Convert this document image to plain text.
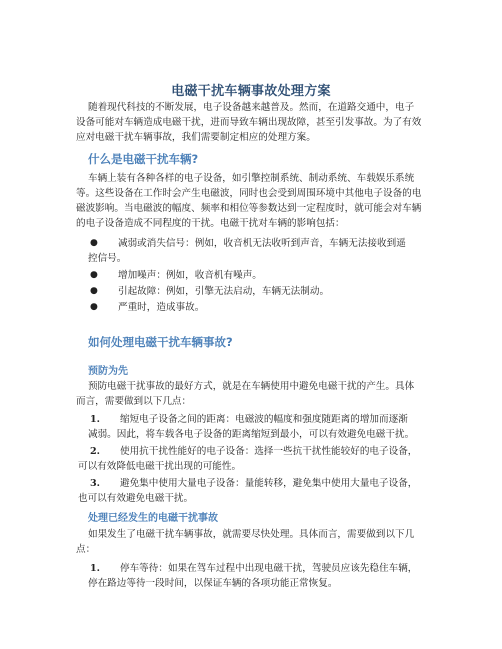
电磁干扰车辆事故处理方案
随着现代科技的不断发展，电子设备越来越普及。然而，在道路交通中，电子
设备可能对车辆造成电磁干扰，进而导致车辆出现故障，甚至引发事故。为了有效
应对电磁干扰车辆事故，我们需要制定相应的处理方案。
什么是电磁干扰车辆?
车辆上装有各种各样的电子设备，如引擎控制系统、制动系统、车载娱乐系统
等。这些设备在工作时会产生电磁波，同时也会受到周围环境中其他电子设备的电
磁波影响。当电磁波的幅度、频率和相位等参数达到一定程度时，就可能会对车辆
的电子设备造成不同程度的干扰。电磁干扰对车辆的影响包括：
● 减弱或消失信号：例如，收音机无法收听到声音，车辆无法接收到遥
控信号。
● 增加噪声：例如，收音机有噪声。
● 引起故障：例如，引擎无法启动，车辆无法制动。
● 严重时，造成事故。
如何处理电磁干扰车辆事故?
预防为先
预防电磁干扰事故的最好方式，就是在车辆使用中避免电磁干扰的产生。具体
而言，需要做到以下几点：
1. 缩短电子设备之间的距离：电磁波的幅度和强度随距离的增加而逐渐
减弱。因此，将车载各电子设备的距离缩短到最小，可以有效避免电磁干扰。
2. 使用抗干扰性能好的电子设备：选择一些抗干扰性能较好的电子设备，
可以有效降低电磁干扰出现的可能性。
3. 避免集中使用大量电子设备：量能转移，避免集中使用大量电子设备，
也可以有效避免电磁干扰。
处理已经发生的电磁干扰事故
如果发生了电磁干扰车辆事故，就需要尽快处理。具体而言，需要做到以下几
点：
1. 停车等待：如果在驾车过程中出现电磁干扰，驾驶员应该先稳住车辆，
停在路边等待一段时间，以保证车辆的各项功能正常恢复。
